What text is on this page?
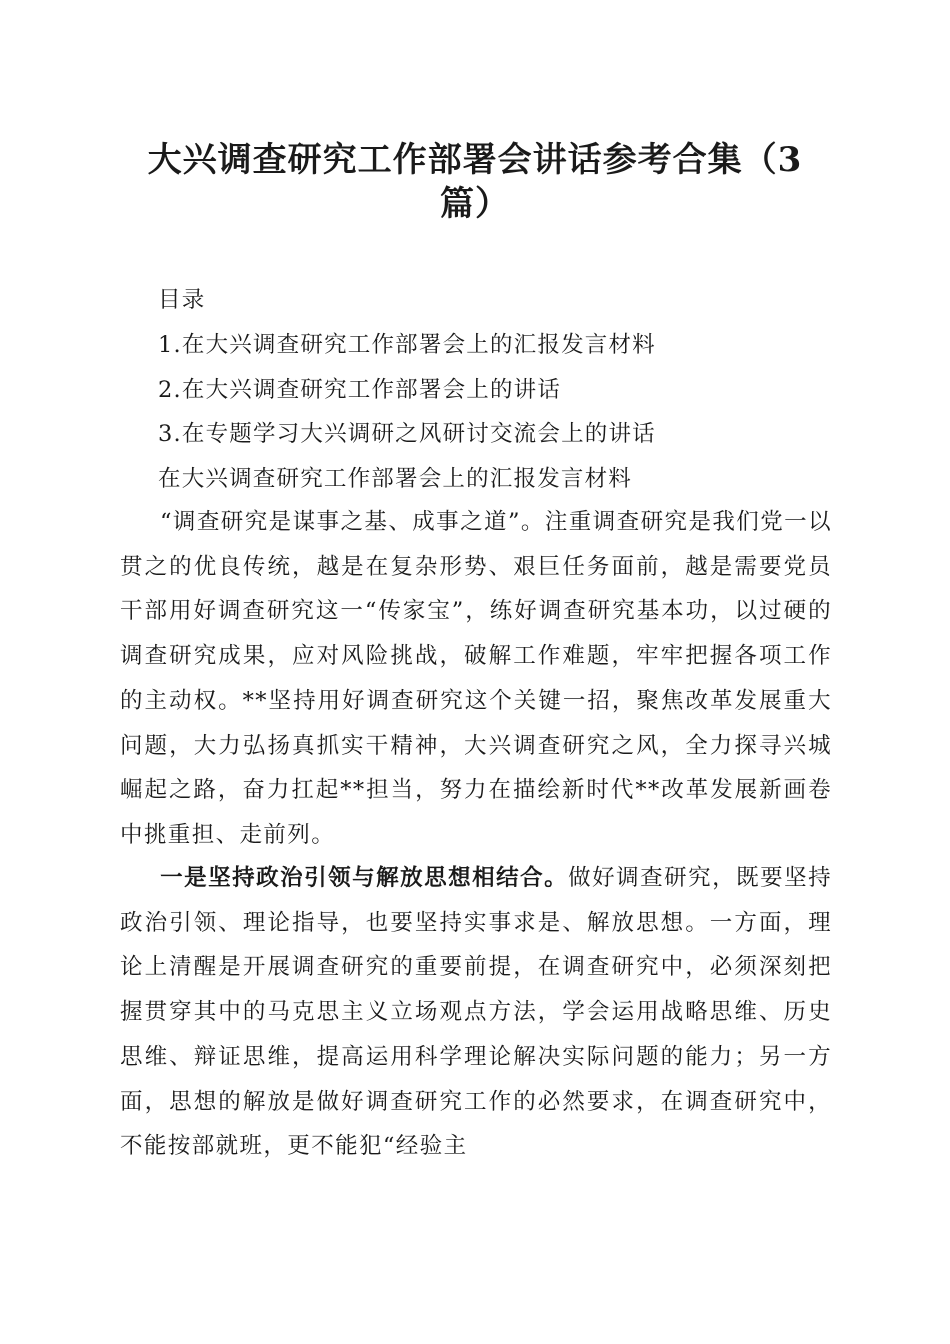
大兴调查研究工作部署会讲话参考合集（3
篇）
目录
1.在大兴调查研究工作部署会上的汇报发言材料
2.在大兴调查研究工作部署会上的讲话
3.在专题学习大兴调研之风研讨交流会上的讲话
在大兴调查研究工作部署会上的汇报发言材料

“调查研究是谋事之基、成事之道”。注重调查研究是我们党一以贯之的优良传统，越是在复杂形势、艰巨任务面前，越是需要党员干部用好调查研究这一“传家宝”，练好调查研究基本功，以过硬的调查研究成果，应对风险挑战，破解工作难题，牢牢把握各项工作的主动权。**坚持用好调查研究这个关键一招，聚焦改革发展重大问题，大力弘扬真抓实干精神，大兴调查研究之风，全力探寻兴城崛起之路，奋力扛起**担当，努力在描绘新时代**改革发展新画卷中挑重担、走前列。

一是坚持政治引领与解放思想相结合。做好调查研究，既要坚持政治引领、理论指导，也要坚持实事求是、解放思想。一方面，理论上清醒是开展调查研究的重要前提，在调查研究中，必须深刻把握贯穿其中的马克思主义立场观点方法，学会运用战略思维、历史思维、辩证思维，提高运用科学理论解决实际问题的能力；另一方面，思想的解放是做好调查研究工作的必然要求，在调查研究中，不能按部就班，更不能犯“经验主
